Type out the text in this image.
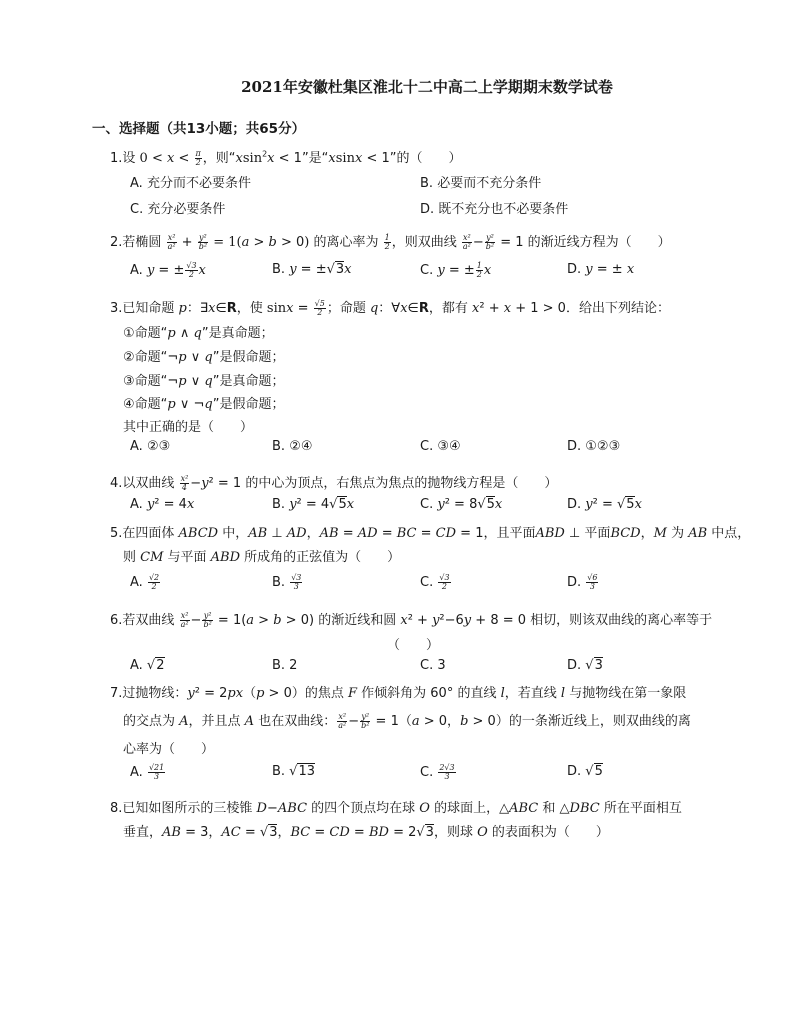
2021年安徽杜集区淮北十二中高二上学期期末数学试卷
一、选择题（共13小题；共65分）
1.设 $0 < x < \frac{\pi}{2}$ ，则“xsin$^2$x < 1”是“xsinx < 1”的（　　）
A. 充分而不必要条件	B. 必要而不充分条件
C. 充分必要条件	D. 既不充分也不必要条件
2.若椭圆 $\frac{\text{x²}}{\text{a²}} + \frac{\text{y²}}{\text{b²}} = 1(a > b > 0)$ 的离心率为 $\frac{1}{2}$ ，则双曲线 $\frac{\text{x²}}{\text{a²}} - \frac{\text{y²}}{\text{b²}} = 1$ 的渐近线方程为（　　）
A. y = ± $\frac{√3}{2}$ x	B. y = ±√3x	C. y = ± $\frac{1}{2}$ x	D. y = ± x
3.已知命题 p：∃x∈R，使 $\sin x = \frac{√5}{2}$ ；命题 q：∀x∈R，都有 x² + x + 1 > 0．给出下列结论：
①命题“p ∧ q”是真命题；
②命题“¬p ∨ q”是假命题；
③命题“¬p ∨ q”是真命题；
④命题“p ∨ ¬q”是假命题；
其中正确的是（　　）
A. ②③	B. ②④	C. ③④	D. ①②③
4.以双曲线 $\frac{\text{x²}}{4} -y^2 = 1$ 的中心为顶点，右焦点为焦点的抛物线方程是（　　）
A. y² = 4x	B. y² = 4√5x	C. y² = 8√5x	D. y² = √5x
5.在四面体 ABCD 中，AB ⊥ AD，AB = AD = BC = CD = 1，且平面ABD ⊥ 平面BCD，M 为 AB 中点，
则 CM 与平面 ABD 所成角的正弦值为（　　）
A. $\frac{√2}{2}$	B. $\frac{√3}{3}$	C. $\frac{√3}{2}$	D. $\frac{√6}{3}$
6.若双曲线 $\frac{\text{x²}}{\text{a²}} - \frac{\text{y²}}{\text{b²}} = 1(a > b > 0)$ 的渐近线和圆 x² + y²−6y + 8 = 0 相切，则该双曲线的离心率等于
（　　）
A. √2	B. 2	C. 3	D. √3
7.过抛物线：y² = 2px（p > 0）的焦点 F 作倾斜角为 60° 的直线 l，若直线 l 与抛物线在第一象限
的交点为 A，并且点 A 也在双曲线： $\frac{\text{x²}}{\text{a²}} - \frac{\text{y²}}{\text{b²}} = 1(a > 0$，b > 0）的一条渐近线上，则双曲线的离
心率为（　　）
A. $\frac{√21}{3}$	B. √13	C. $\frac{2√3}{3}$	D. √5
8.已知如图所示的三棱锥 D−ABC 的四个顶点均在球 O 的球面上，△ABC 和 △DBC 所在平面相互
垂直，AB = 3，AC = √3，BC = CD = BD = 2√3，则球 O 的表面积为（　　）
